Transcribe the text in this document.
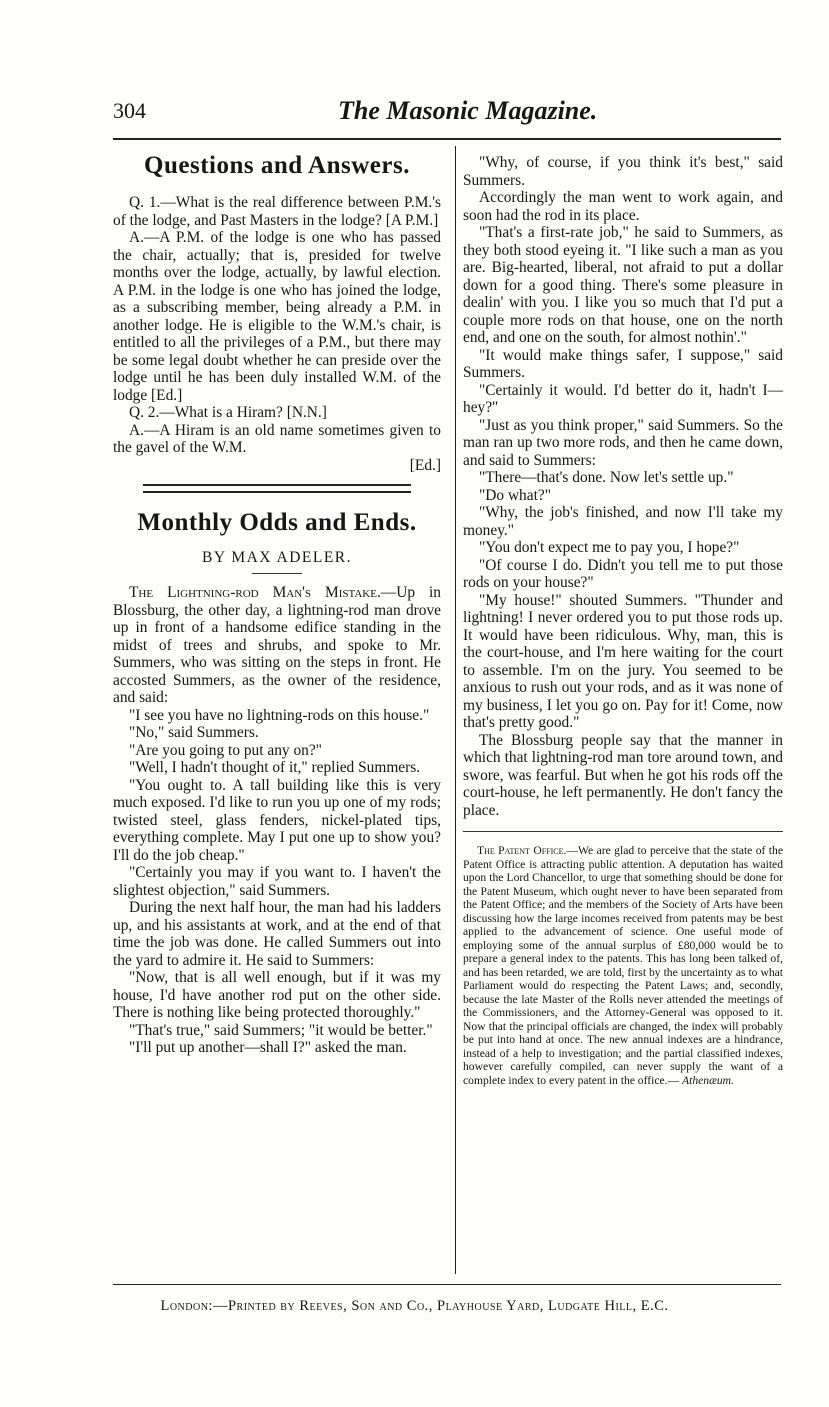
304	The Masonic Magazine.
Questions and Answers.

Q. 1.—What is the real difference between P.M.'s of the lodge, and Past Masters in the lodge? [A P.M.]

A.—A P.M. of the lodge is one who has passed the chair, actually; that is, presided for twelve months over the lodge, actually, by lawful election. A P.M. in the lodge is one who has joined the lodge, as a subscribing member, being already a P.M. in another lodge. He is eligible to the W.M.'s chair, is entitled to all the privileges of a P.M., but there may be some legal doubt whether he can preside over the lodge until he has been duly installed W.M. of the lodge [Ed.]

Q. 2.—What is a Hiram? [N.N.]

A.—A Hiram is an old name sometimes given to the gavel of the W.M.

[Ed.]

Monthly Odds and Ends.
BY MAX ADELER.

The Lightning-rod Man's Mistake.—Up in Blossburg, the other day, a lightning-rod man drove up in front of a handsome edifice standing in the midst of trees and shrubs, and spoke to Mr. Summers, who was sitting on the steps in front. He accosted Summers, as the owner of the residence, and said:

"I see you have no lightning-rods on this house."

"No," said Summers.

"Are you going to put any on?"

"Well, I hadn't thought of it," replied Summers.

"You ought to. A tall building like this is very much exposed. I'd like to run you up one of my rods; twisted steel, glass fenders, nickel-plated tips, everything complete. May I put one up to show you? I'll do the job cheap."

"Certainly you may if you want to. I haven't the slightest objection," said Summers.

During the next half hour, the man had his ladders up, and his assistants at work, and at the end of that time the job was done. He called Summers out into the yard to admire it. He said to Summers:

"Now, that is all well enough, but if it was my house, I'd have another rod put on the other side. There is nothing like being protected thoroughly."

"That's true," said Summers; "it would be better."

"I'll put up another—shall I?" asked the man.

"Why, of course, if you think it's best," said Summers.

Accordingly the man went to work again, and soon had the rod in its place.

"That's a first-rate job," he said to Summers, as they both stood eyeing it. "I like such a man as you are. Big-hearted, liberal, not afraid to put a dollar down for a good thing. There's some pleasure in dealin' with you. I like you so much that I'd put a couple more rods on that house, one on the north end, and one on the south, for almost nothin'."

"It would make things safer, I suppose," said Summers.

"Certainly it would. I'd better do it, hadn't I—hey?"

"Just as you think proper," said Summers. So the man ran up two more rods, and then he came down, and said to Summers:

"There—that's done. Now let's settle up."

"Do what?"

"Why, the job's finished, and now I'll take my money."

"You don't expect me to pay you, I hope?"

"Of course I do. Didn't you tell me to put those rods on your house?"

"My house!" shouted Summers. "Thunder and lightning! I never ordered you to put those rods up. It would have been ridiculous. Why, man, this is the court-house, and I'm here waiting for the court to assemble. I'm on the jury. You seemed to be anxious to rush out your rods, and as it was none of my business, I let you go on. Pay for it! Come, now that's pretty good."

The Blossburg people say that the manner in which that lightning-rod man tore around town, and swore, was fearful. But when he got his rods off the court-house, he left permanently. He don't fancy the place.

The Patent Office.—We are glad to perceive that the state of the Patent Office is attracting public attention. A deputation has waited upon the Lord Chancellor, to urge that something should be done for the Patent Museum, which ought never to have been separated from the Patent Office; and the members of the Society of Arts have been discussing how the large incomes received from patents may be best applied to the advancement of science. One useful mode of employing some of the annual surplus of £80,000 would be to prepare a general index to the patents. This has long been talked of, and has been retarded, we are told, first by the uncertainty as to what Parliament would do respecting the Patent Laws; and, secondly, because the late Master of the Rolls never attended the meetings of the Commissioners, and the Attorney-General was opposed to it. Now that the principal officials are changed, the index will probably be put into hand at once. The new annual indexes are a hindrance, instead of a help to investigation; and the partial classified indexes, however carefully compiled, can never supply the want of a complete index to every patent in the office.— Athenæum.

London:—Printed by Reeves, Son and Co., Playhouse Yard, Ludgate Hill, E.C.
